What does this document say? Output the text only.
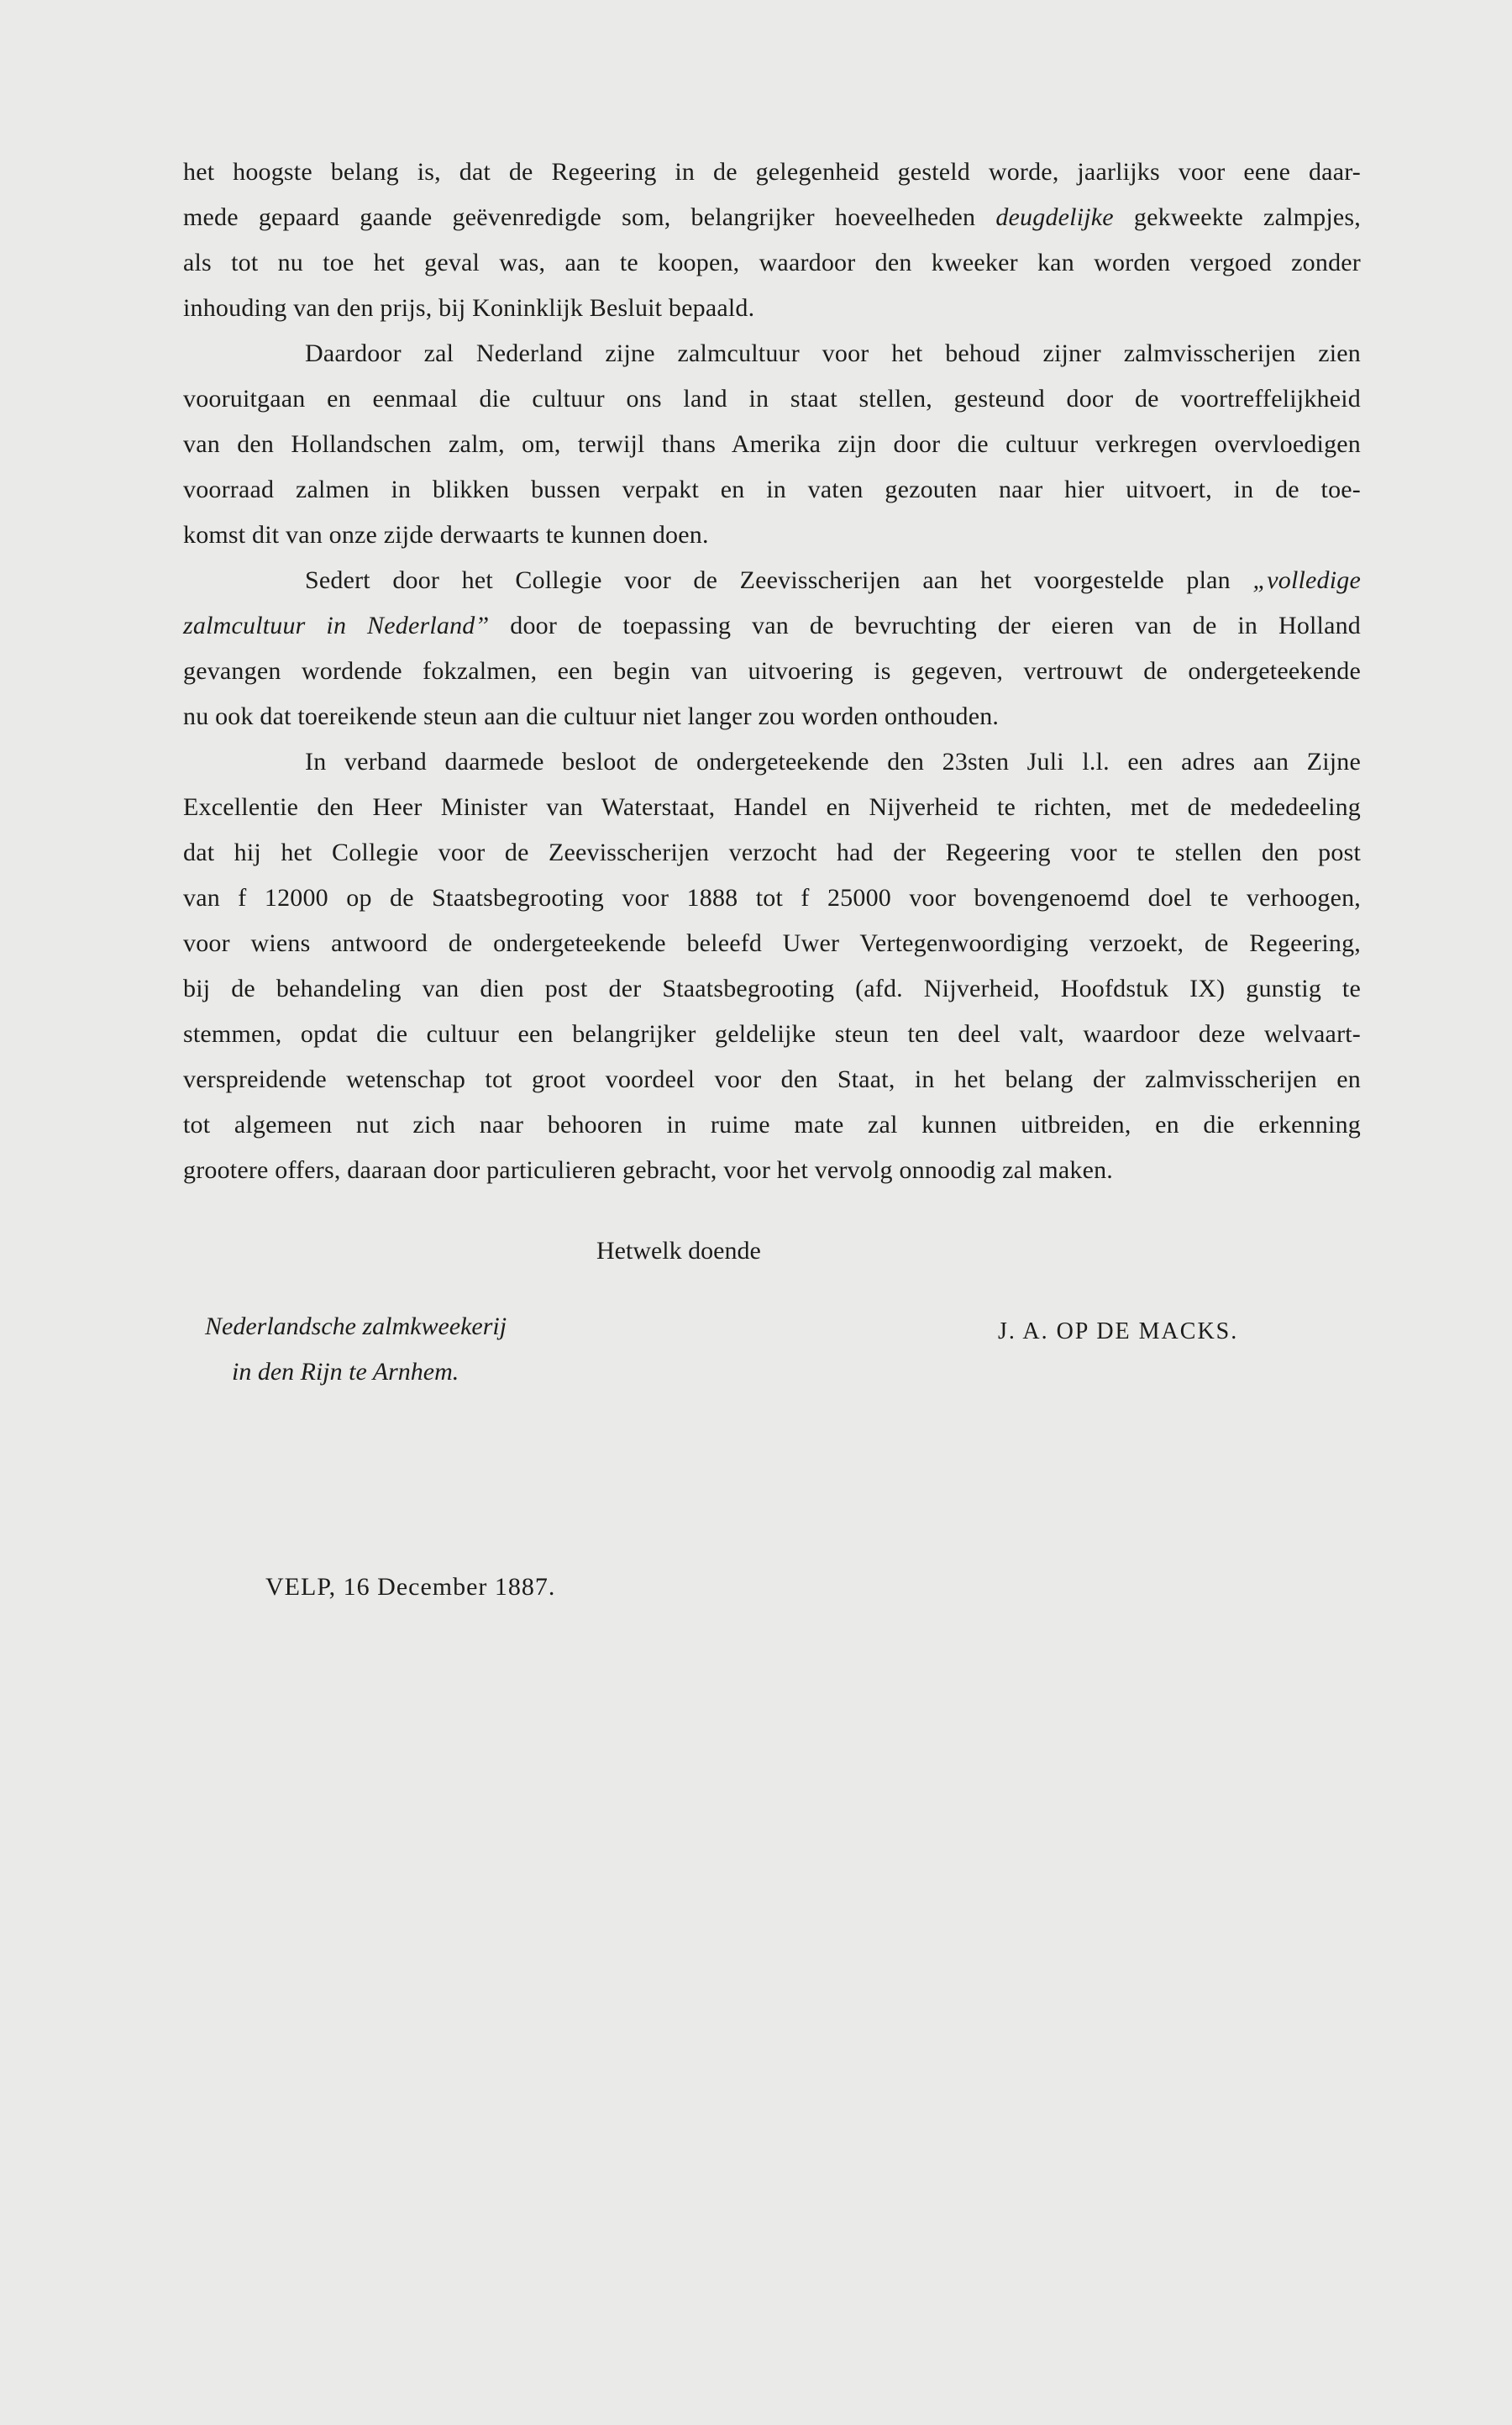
het hoogste belang is, dat de Regeering in de gelegenheid gesteld worde, jaarlijks voor eene daar-
mede gepaard gaande geëvenredigde som, belangrijker hoeveelheden deugdelijke gekweekte zalmpjes,
als tot nu toe het geval was, aan te koopen, waardoor den kweeker kan worden vergoed zonder
inhouding van den prijs, bij Koninklijk Besluit bepaald.
Daardoor zal Nederland zijne zalmcultuur voor het behoud zijner zalmvisscherijen zien
vooruitgaan en eenmaal die cultuur ons land in staat stellen, gesteund door de voortreffelijkheid
van den Hollandschen zalm, om, terwijl thans Amerika zijn door die cultuur verkregen overvloedigen
voorraad zalmen in blikken bussen verpakt en in vaten gezouten naar hier uitvoert, in de toe-
komst dit van onze zijde derwaarts te kunnen doen.
Sedert door het Collegie voor de Zeevisscherijen aan het voorgestelde plan „volledige
zalmcultuur in Nederland” door de toepassing van de bevruchting der eieren van de in Holland
gevangen wordende fokzalmen, een begin van uitvoering is gegeven, vertrouwt de ondergeteekende
nu ook dat toereikende steun aan die cultuur niet langer zou worden onthouden.
In verband daarmede besloot de ondergeteekende den 23sten Juli l.l. een adres aan Zijne
Excellentie den Heer Minister van Waterstaat, Handel en Nijverheid te richten, met de mededeeling
dat hij het Collegie voor de Zeevisscherijen verzocht had der Regeering voor te stellen den post
van f 12000 op de Staatsbegrooting voor 1888 tot f 25000 voor bovengenoemd doel te verhoogen,
voor wiens antwoord de ondergeteekende beleefd Uwer Vertegenwoordiging verzoekt, de Regeering,
bij de behandeling van dien post der Staatsbegrooting (afd. Nijverheid, Hoofdstuk IX) gunstig te
stemmen, opdat die cultuur een belangrijker geldelijke steun ten deel valt, waardoor deze welvaart-
verspreidende wetenschap tot groot voordeel voor den Staat, in het belang der zalmvisscherijen en
tot algemeen nut zich naar behooren in ruime mate zal kunnen uitbreiden, en die erkenning
grootere offers, daaraan door particulieren gebracht, voor het vervolg onnoodig zal maken.
Hetwelk doende
Nederlandsche zalmkweekerij
in den Rijn te Arnhem.
J. A. OP DE MACKS.
VELP, 16 December 1887.
